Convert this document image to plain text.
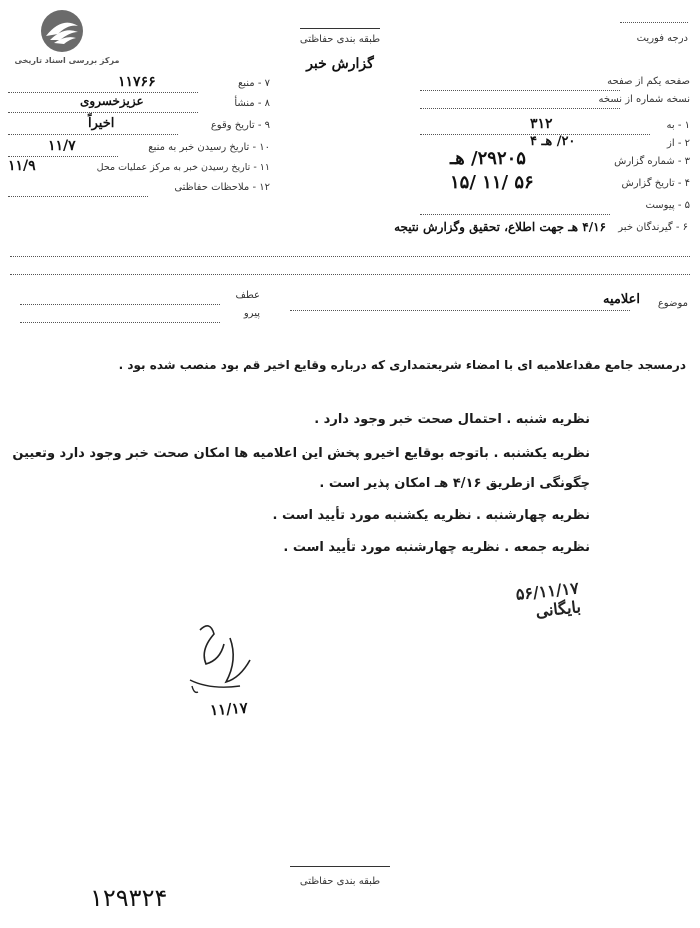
مرکز بررسی اسناد تاریخی
طبقه بندی حفاظتی
گزارش خبر
درجه فوریت
۷ - منبع
۱۱۷۶۶
۸ - منشأ
عزیزخسروی
۹ - تاریخ وقوع
اخیراً
۱۰ - تاریخ رسیدن خبر به منبع
۱۱/۷
۱۱ - تاریخ رسیدن خبر به مرکز عملیات محل
۱۱/۹
۱۲ - ملاحظات حفاظتی
صفحه یکم از صفحه
نسخه شماره از نسخه
۱ - به
۳۱۲
۲ - از
۲۰/ هـ ۴
۳ - شماره گزارش
۲۹۲۰۵/ هـ
۴ - تاریخ گزارش
۱۵/ ۱۱/ ۵۶
۵ - پیوست
۶ - گیرندگان خبر
۴/۱۶ هـ جهت اطلاع، تحقیق وگزارش نتیجه
موضوع
اعلامیه
عطف
پیرو
درمسجد جامع مقداعلامیه ای با امضاء شریعتمداری که درباره وقایع اخیر قم بود منصب شده بود .
نظریه شنبه . احتمال صحت خبر وجود دارد .
نظریه یکشنبه . باتوجه بوقایع اخیرو پخش این اعلامیه ها امکان صحت خبر وجود دارد وتعیین
چگونگی ازطریق ۴/۱۶ هـ امکان پذیر است .
نظریه چهارشنبه . نظریه یکشنبه مورد تأیید است .
نظریه جمعه . نظریه چهارشنبه مورد تأیید است .
۵۶/۱۱/۱۷ بایگانی
۱۱/۱۷
طبقه بندی حفاظتی
۱۲۹۳۲۴
